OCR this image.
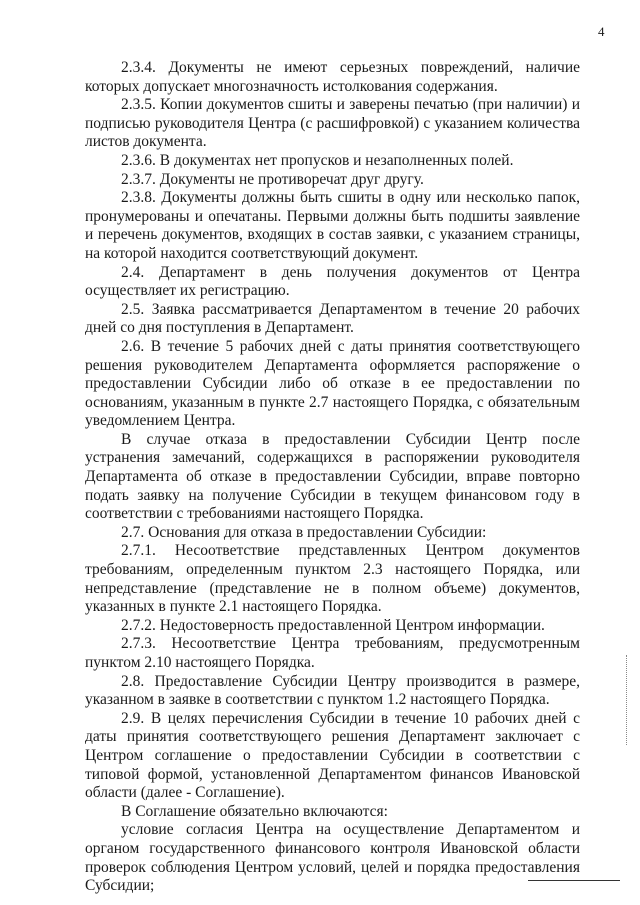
4

2.3.4. Документы не имеют серьезных повреждений, наличие которых допускает многозначность истолкования содержания.

2.3.5. Копии документов сшиты и заверены печатью (при наличии) и подписью руководителя Центра (с расшифровкой) с указанием количества листов документа.

2.3.6. В документах нет пропусков и незаполненных полей.

2.3.7. Документы не противоречат друг другу.

2.3.8. Документы должны быть сшиты в одну или несколько папок, пронумерованы и опечатаны. Первыми должны быть подшиты заявление и перечень документов, входящих в состав заявки, с указанием страницы, на которой находится соответствующий документ.

2.4. Департамент в день получения документов от Центра осуществляет их регистрацию.

2.5. Заявка рассматривается Департаментом в течение 20 рабочих дней со дня поступления в Департамент.

2.6. В течение 5 рабочих дней с даты принятия соответствующего решения руководителем Департамента оформляется распоряжение о предоставлении Субсидии либо об отказе в ее предоставлении по основаниям, указанным в пункте 2.7 настоящего Порядка, с обязательным уведомлением Центра.

В случае отказа в предоставлении Субсидии Центр после устранения замечаний, содержащихся в распоряжении руководителя Департамента об отказе в предоставлении Субсидии, вправе повторно подать заявку на получение Субсидии в текущем финансовом году в соответствии с требованиями настоящего Порядка.

2.7. Основания для отказа в предоставлении Субсидии:

2.7.1. Несоответствие представленных Центром документов требованиям, определенным пунктом 2.3 настоящего Порядка, или непредставление (представление не в полном объеме) документов, указанных в пункте 2.1 настоящего Порядка.

2.7.2. Недостоверность предоставленной Центром информации.

2.7.3. Несоответствие Центра требованиям, предусмотренным пунктом 2.10 настоящего Порядка.

2.8. Предоставление Субсидии Центру производится в размере, указанном в заявке в соответствии с пунктом 1.2 настоящего Порядка.

2.9. В целях перечисления Субсидии в течение 10 рабочих дней с даты принятия соответствующего решения Департамент заключает с Центром соглашение о предоставлении Субсидии в соответствии с типовой формой, установленной Департаментом финансов Ивановской области (далее - Соглашение).

В Соглашение обязательно включаются:

условие согласия Центра на осуществление Департаментом и органом государственного финансового контроля Ивановской области проверок соблюдения Центром условий, целей и порядка предоставления Субсидии;
